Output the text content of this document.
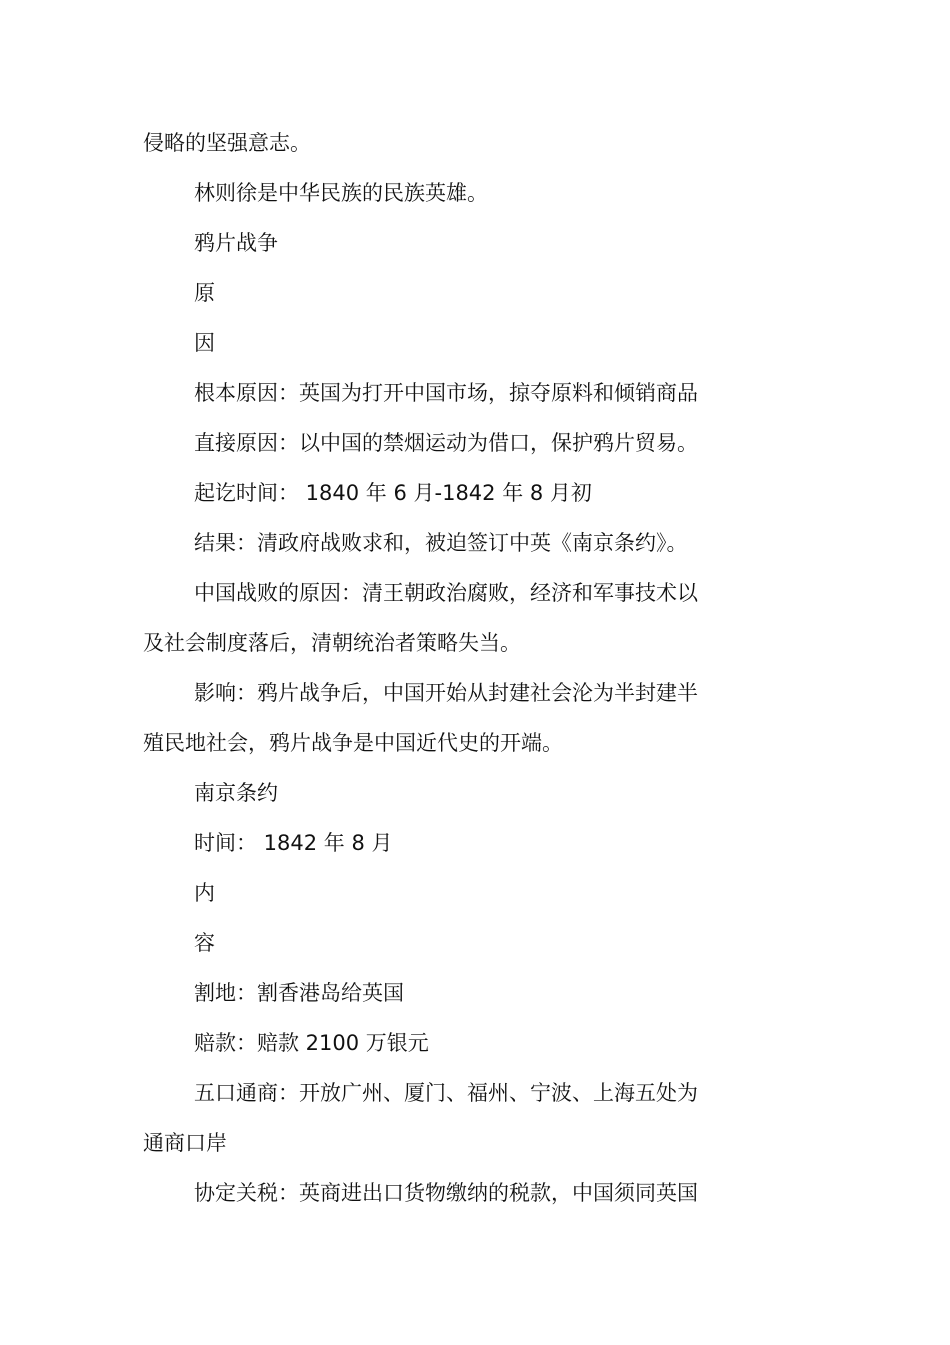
侵略的坚强意志。
林则徐是中华民族的民族英雄。
鸦片战争
原
因
根本原因：英国为打开中国市场，掠夺原料和倾销商品
直接原因：以中国的禁烟运动为借口，保护鸦片贸易。
起讫时间： 1840 年 6 月-1842 年 8 月初
结果：清政府战败求和，被迫签订中英《南京条约》。
中国战败的原因：清王朝政治腐败，经济和军事技术以
及社会制度落后，清朝统治者策略失当。
影响：鸦片战争后，中国开始从封建社会沦为半封建半
殖民地社会，鸦片战争是中国近代史的开端。
南京条约
时间： 1842 年 8 月
内
容
割地：割香港岛给英国
赔款：赔款 2100 万银元
五口通商：开放广州、厦门、福州、宁波、上海五处为
通商口岸
协定关税：英商进出口货物缴纳的税款，中国须同英国
